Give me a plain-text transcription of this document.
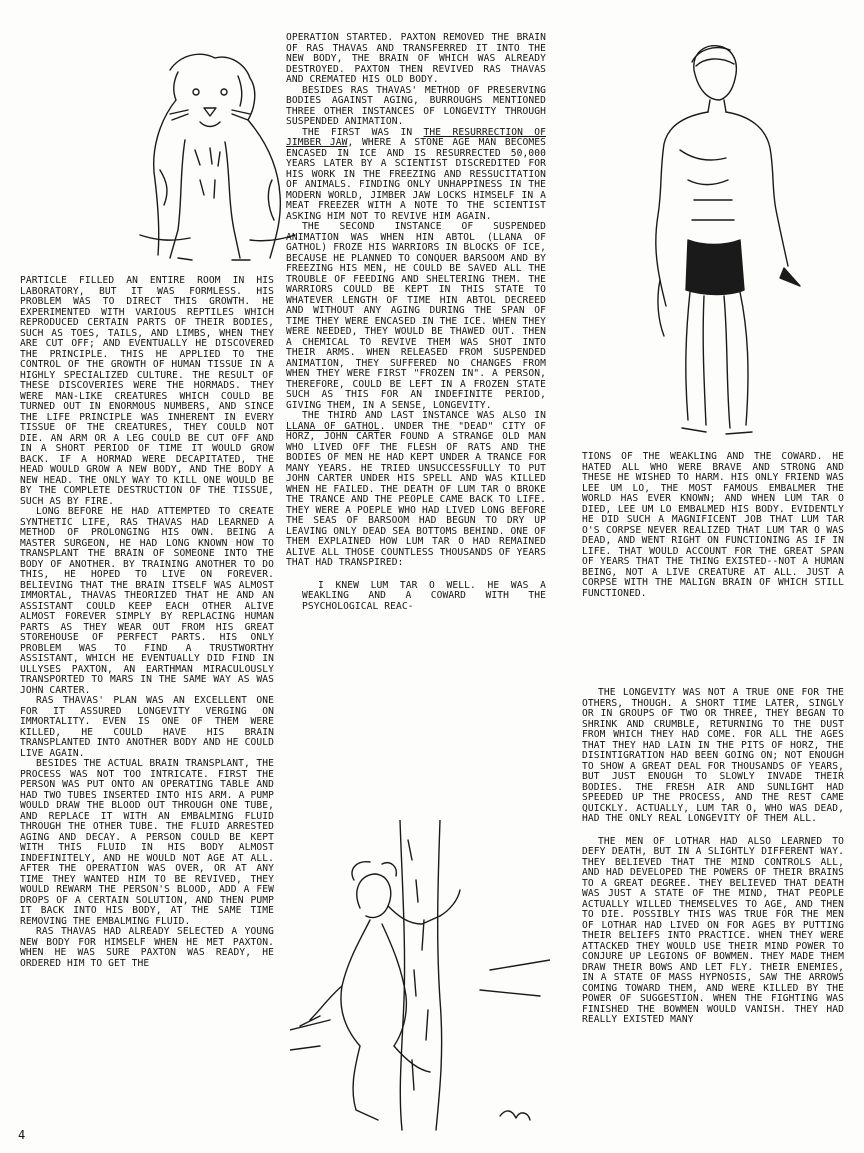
PARTICLE FILLED AN ENTIRE ROOM IN HIS LABORATORY, BUT IT WAS FORMLESS. HIS PROBLEM WAS TO DIRECT THIS GROWTH. HE EXPERIMENTED WITH VARIOUS REPTILES WHICH REPRODUCED CERTAIN PARTS OF THEIR BODIES, SUCH AS TOES, TAILS, AND LIMBS, WHEN THEY ARE CUT OFF; AND EVENTUALLY HE DISCOVERED THE PRINCIPLE. THIS HE APPLIED TO THE CONTROL OF THE GROWTH OF HUMAN TISSUE IN A HIGHLY SPECIALIZED CULTURE. THE RESULT OF THESE DISCOVERIES WERE THE HORMADS. THEY WERE MAN-LIKE CREATURES WHICH COULD BE TURNED OUT IN ENORMOUS NUMBERS, AND SINCE THE LIFE PRINCIPLE WAS INHERENT IN EVERY TISSUE OF THE CREATURES, THEY COULD NOT DIE. AN ARM OR A LEG COULD BE CUT OFF AND IN A SHORT PERIOD OF TIME IT WOULD GROW BACK. IF A HORMAD WERE DECAPITATED, THE HEAD WOULD GROW A NEW BODY, AND THE BODY A NEW HEAD. THE ONLY WAY TO KILL ONE WOULD BE BY THE COMPLETE DESTRUCTION OF THE TISSUE, SUCH AS BY FIRE.

LONG BEFORE HE HAD ATTEMPTED TO CREATE SYNTHETIC LIFE, RAS THAVAS HAD LEARNED A METHOD OF PROLONGING HIS OWN. BEING A MASTER SURGEON, HE HAD LONG KNOWN HOW TO TRANSPLANT THE BRAIN OF SOMEONE INTO THE BODY OF ANOTHER. BY TRAINING ANOTHER TO DO THIS, HE HOPED TO LIVE ON FOREVER. BELIEVING THAT THE BRAIN ITSELF WAS ALMOST IMMORTAL, THAVAS THEORIZED THAT HE AND AN ASSISTANT COULD KEEP EACH OTHER ALIVE ALMOST FOREVER SIMPLY BY REPLACING HUMAN PARTS AS THEY WEAR OUT FROM HIS GREAT STOREHOUSE OF PERFECT PARTS. HIS ONLY PROBLEM WAS TO FIND A TRUSTWORTHY ASSISTANT, WHICH HE EVENTUALLY DID FIND IN ULLYSES PAXTON, AN EARTHMAN MIRACULOUSLY TRANSPORTED TO MARS IN THE SAME WAY AS WAS JOHN CARTER.

RAS THAVAS' PLAN WAS AN EXCELLENT ONE FOR IT ASSURED LONGEVITY VERGING ON IMMORTALITY. EVEN IS ONE OF THEM WERE KILLED, HE COULD HAVE HIS BRAIN TRANSPLANTED INTO ANOTHER BODY AND HE COULD LIVE AGAIN.

BESIDES THE ACTUAL BRAIN TRANSPLANT, THE PROCESS WAS NOT TOO INTRICATE. FIRST THE PERSON WAS PUT ONTO AN OPERATING TABLE AND HAD TWO TUBES INSERTED INTO HIS ARM. A PUMP WOULD DRAW THE BLOOD OUT THROUGH ONE TUBE, AND REPLACE IT WITH AN EMBALMING FLUID THROUGH THE OTHER TUBE. THE FLUID ARRESTED AGING AND DECAY. A PERSON COULD BE KEPT WITH THIS FLUID IN HIS BODY ALMOST INDEFINITELY, AND HE WOULD NOT AGE AT ALL. AFTER THE OPERATION WAS OVER, OR AT ANY TIME THEY WANTED HIM TO BE REVIVED, THEY WOULD REWARM THE PERSON'S BLOOD, ADD A FEW DROPS OF A CERTAIN SOLUTION, AND THEN PUMP IT BACK INTO HIS BODY, AT THE SAME TIME REMOVING THE EMBALMING FLUID.

RAS THAVAS HAD ALREADY SELECTED A YOUNG NEW BODY FOR HIMSELF WHEN HE MET PAXTON. WHEN HE WAS SURE PAXTON WAS READY, HE ORDERED HIM TO GET THE

OPERATION STARTED. PAXTON REMOVED THE BRAIN OF RAS THAVAS AND TRANSFERRED IT INTO THE NEW BODY, THE BRAIN OF WHICH WAS ALREADY DESTROYED. PAXTON THEN REVIVED RAS THAVAS AND CREMATED HIS OLD BODY.

BESIDES RAS THAVAS' METHOD OF PRESERVING BODIES AGAINST AGING, BURROUGHS MENTIONED THREE OTHER INSTANCES OF LONGEVITY THROUGH SUSPENDED ANIMATION.

THE FIRST WAS IN THE RESURRECTION OF JIMBER JAW, WHERE A STONE AGE MAN BECOMES ENCASED IN ICE AND IS RESURRECTED 50,000 YEARS LATER BY A SCIENTIST DISCREDITED FOR HIS WORK IN THE FREEZING AND RESSUCITATION OF ANIMALS. FINDING ONLY UNHAPPINESS IN THE MODERN WORLD, JIMBER JAW LOCKS HIMSELF IN A MEAT FREEZER WITH A NOTE TO THE SCIENTIST ASKING HIM NOT TO REVIVE HIM AGAIN.

THE SECOND INSTANCE OF SUSPENDED ANIMATION WAS WHEN HIN ABTOL (LLANA OF GATHOL) FROZE HIS WARRIORS IN BLOCKS OF ICE, BECAUSE HE PLANNED TO CONQUER BARSOOM AND BY FREEZING HIS MEN, HE COULD BE SAVED ALL THE TROUBLE OF FEEDING AND SHELTERING THEM. THE WARRIORS COULD BE KEPT IN THIS STATE TO WHATEVER LENGTH OF TIME HIN ABTOL DECREED AND WITHOUT ANY AGING DURING THE SPAN OF TIME THEY WERE ENCASED IN THE ICE. WHEN THEY WERE NEEDED, THEY WOULD BE THAWED OUT. THEN A CHEMICAL TO REVIVE THEM WAS SHOT INTO THEIR ARMS. WHEN RELEASED FROM SUSPENDED ANIMATION, THEY SUFFERED NO CHANGES FROM WHEN THEY WERE FIRST "FROZEN IN". A PERSON, THEREFORE, COULD BE LEFT IN A FROZEN STATE SUCH AS THIS FOR AN INDEFINITE PERIOD, GIVING THEM, IN A SENSE, LONGEVITY.

THE THIRD AND LAST INSTANCE WAS ALSO IN LLANA OF GATHOL. UNDER THE "DEAD" CITY OF HORZ, JOHN CARTER FOUND A STRANGE OLD MAN WHO LIVED OFF THE FLESH OF RATS AND THE BODIES OF MEN HE HAD KEPT UNDER A TRANCE FOR MANY YEARS. HE TRIED UNSUCCESSFULLY TO PUT JOHN CARTER UNDER HIS SPELL AND WAS KILLED WHEN HE FAILED. THE DEATH OF LUM TAR O BROKE THE TRANCE AND THE PEOPLE CAME BACK TO LIFE. THEY WERE A POEPLE WHO HAD LIVED LONG BEFORE THE SEAS OF BARSOOM HAD BEGUN TO DRY UP LEAVING ONLY DEAD SEA BOTTOMS BEHIND. ONE OF THEM EXPLAINED HOW LUM TAR O HAD REMAINED ALIVE ALL THOSE COUNTLESS THOUSANDS OF YEARS THAT HAD TRANSPIRED:

I KNEW LUM TAR O WELL. HE WAS A WEAKLING AND A COWARD WITH THE PSYCHOLOGICAL REAC-

TIONS OF THE WEAKLING AND THE COWARD. HE HATED ALL WHO WERE BRAVE AND STRONG AND THESE HE WISHED TO HARM. HIS ONLY FRIEND WAS LEE UM LO, THE MOST FAMOUS EMBALMER THE WORLD HAS EVER KNOWN; AND WHEN LUM TAR O DIED, LEE UM LO EMBALMED HIS BODY. EVIDENTLY HE DID SUCH A MAGNIFICENT JOB THAT LUM TAR O'S CORPSE NEVER REALIZED THAT LUM TAR O WAS DEAD, AND WENT RIGHT ON FUNCTIONING AS IF IN LIFE. THAT WOULD ACCOUNT FOR THE GREAT SPAN OF YEARS THAT THE THING EXISTED--NOT A HUMAN BEING, NOT A LIVE CREATURE AT ALL. JUST A CORPSE WITH THE MALIGN BRAIN OF WHICH STILL FUNCTIONED.

THE LONGEVITY WAS NOT A TRUE ONE FOR THE OTHERS, THOUGH. A SHORT TIME LATER, SINGLY OR IN GROUPS OF TWO OR THREE, THEY BEGAN TO SHRINK AND CRUMBLE, RETURNING TO THE DUST FROM WHICH THEY HAD COME. FOR ALL THE AGES THAT THEY HAD LAIN IN THE PITS OF HORZ, THE DISINTIGRATION HAD BEEN GOING ON; NOT ENOUGH TO SHOW A GREAT DEAL FOR THOUSANDS OF YEARS, BUT JUST ENOUGH TO SLOWLY INVADE THEIR BODIES. THE FRESH AIR AND SUNLIGHT HAD SPEEDED UP THE PROCESS, AND THE REST CAME QUICKLY. ACTUALLY, LUM TAR O, WHO WAS DEAD, HAD THE ONLY REAL LONGEVITY OF THEM ALL.

THE MEN OF LOTHAR HAD ALSO LEARNED TO DEFY DEATH, BUT IN A SLIGHTLY DIFFERENT WAY. THEY BELIEVED THAT THE MIND CONTROLS ALL, AND HAD DEVELOPED THE POWERS OF THEIR BRAINS TO A GREAT DEGREE. THEY BELIEVED THAT DEATH WAS JUST A STATE OF THE MIND, THAT PEOPLE ACTUALLY WILLED THEMSELVES TO AGE, AND THEN TO DIE. POSSIBLY THIS WAS TRUE FOR THE MEN OF LOTHAR HAD LIVED ON FOR AGES BY PUTTING THEIR BELIEFS INTO PRACTICE. WHEN THEY WERE ATTACKED THEY WOULD USE THEIR MIND POWER TO CONJURE UP LEGIONS OF BOWMEN. THEY MADE THEM DRAW THEIR BOWS AND LET FLY. THEIR ENEMIES, IN A STATE OF MASS HYPNOSIS, SAW THE ARROWS COMING TOWARD THEM, AND WERE KILLED BY THE POWER OF SUGGESTION. WHEN THE FIGHTING WAS FINISHED THE BOWMEN WOULD VANISH. THEY HAD REALLY EXISTED MANY

4
